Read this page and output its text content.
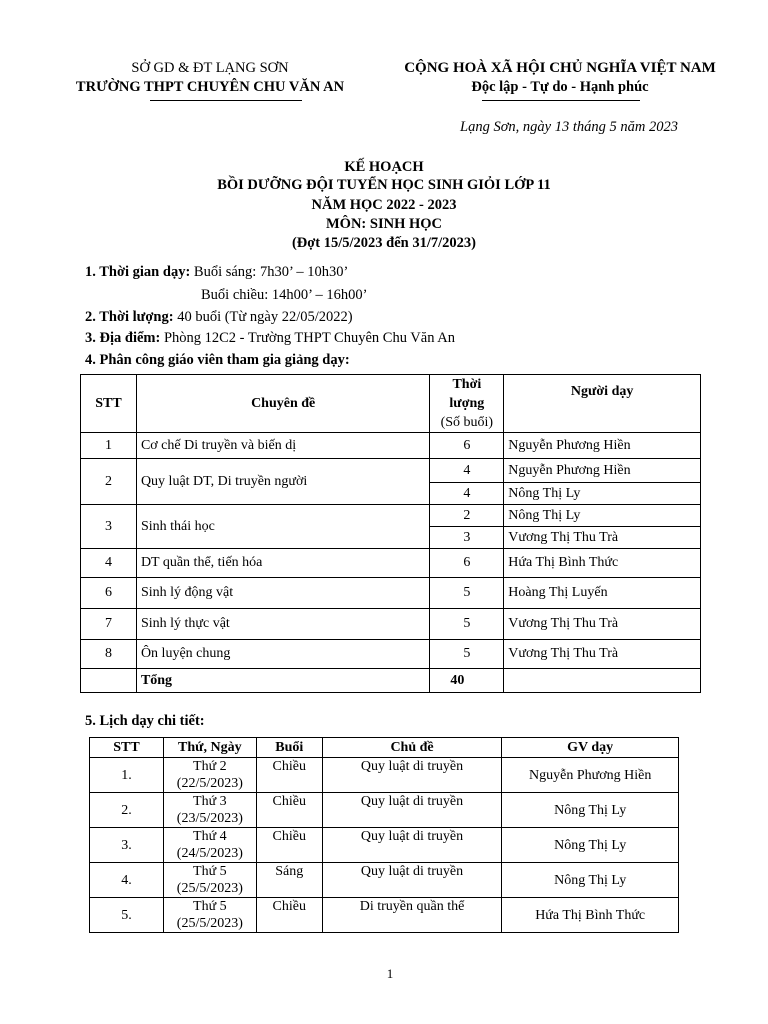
SỞ GD & ĐT LẠNG SƠN
TRƯỜNG THPT CHUYÊN CHU VĂN AN
CỘNG HOÀ XÃ HỘI CHỦ NGHĨA VIỆT NAM
Độc lập - Tự do - Hạnh phúc
Lạng Sơn, ngày 13 tháng 5 năm 2023
KẾ HOẠCH
BỒI DƯỠNG ĐỘI TUYỂN HỌC SINH GIỎI LỚP 11
NĂM HỌC 2022 - 2023
MÔN: SINH HỌC
(Đợt 15/5/2023 đến 31/7/2023)
1. Thời gian dạy: Buổi sáng: 7h30’ – 10h30’
Buổi chiều: 14h00’ – 16h00’
2. Thời lượng: 40 buổi (Từ ngày 22/05/2022)
3. Địa điểm: Phòng 12C2 - Trường THPT Chuyên Chu Văn An
4. Phân công giáo viên tham gia giảng dạy:
STT	Chuyên đề	Thời
lượng
(Số buổi)	Người dạy
1	Cơ chế Di truyền và biến dị	6	Nguyễn Phương Hiền
2	Quy luật DT, Di truyền người	4	Nguyễn Phương Hiền
		4	Nông Thị Ly
3	Sinh thái học	2	Nông Thị Ly
		3	Vương Thị Thu Trà
4	DT quần thể, tiến hóa	6	Hứa Thị Bình Thức
6	Sinh lý động vật	5	Hoàng Thị Luyến
7	Sinh lý thực vật	5	Vương Thị Thu Trà
8	Ôn luyện chung	5	Vương Thị Thu Trà
	Tổng	40	
5. Lịch dạy chi tiết:
STT	Thứ, Ngày	Buổi	Chủ đề	GV dạy
1.	Thứ 2
(22/5/2023)	Chiều	Quy luật di truyền	Nguyễn Phương Hiền
2.	Thứ 3
(23/5/2023)	Chiều	Quy luật di truyền	Nông Thị Ly
3.	Thứ 4
(24/5/2023)	Chiều	Quy luật di truyền	Nông Thị Ly
4.	Thứ 5
(25/5/2023)	Sáng	Quy luật di truyền	Nông Thị Ly
5.	Thứ 5
(25/5/2023)	Chiều	Di truyền quần thể	Hứa Thị Bình Thức
1
